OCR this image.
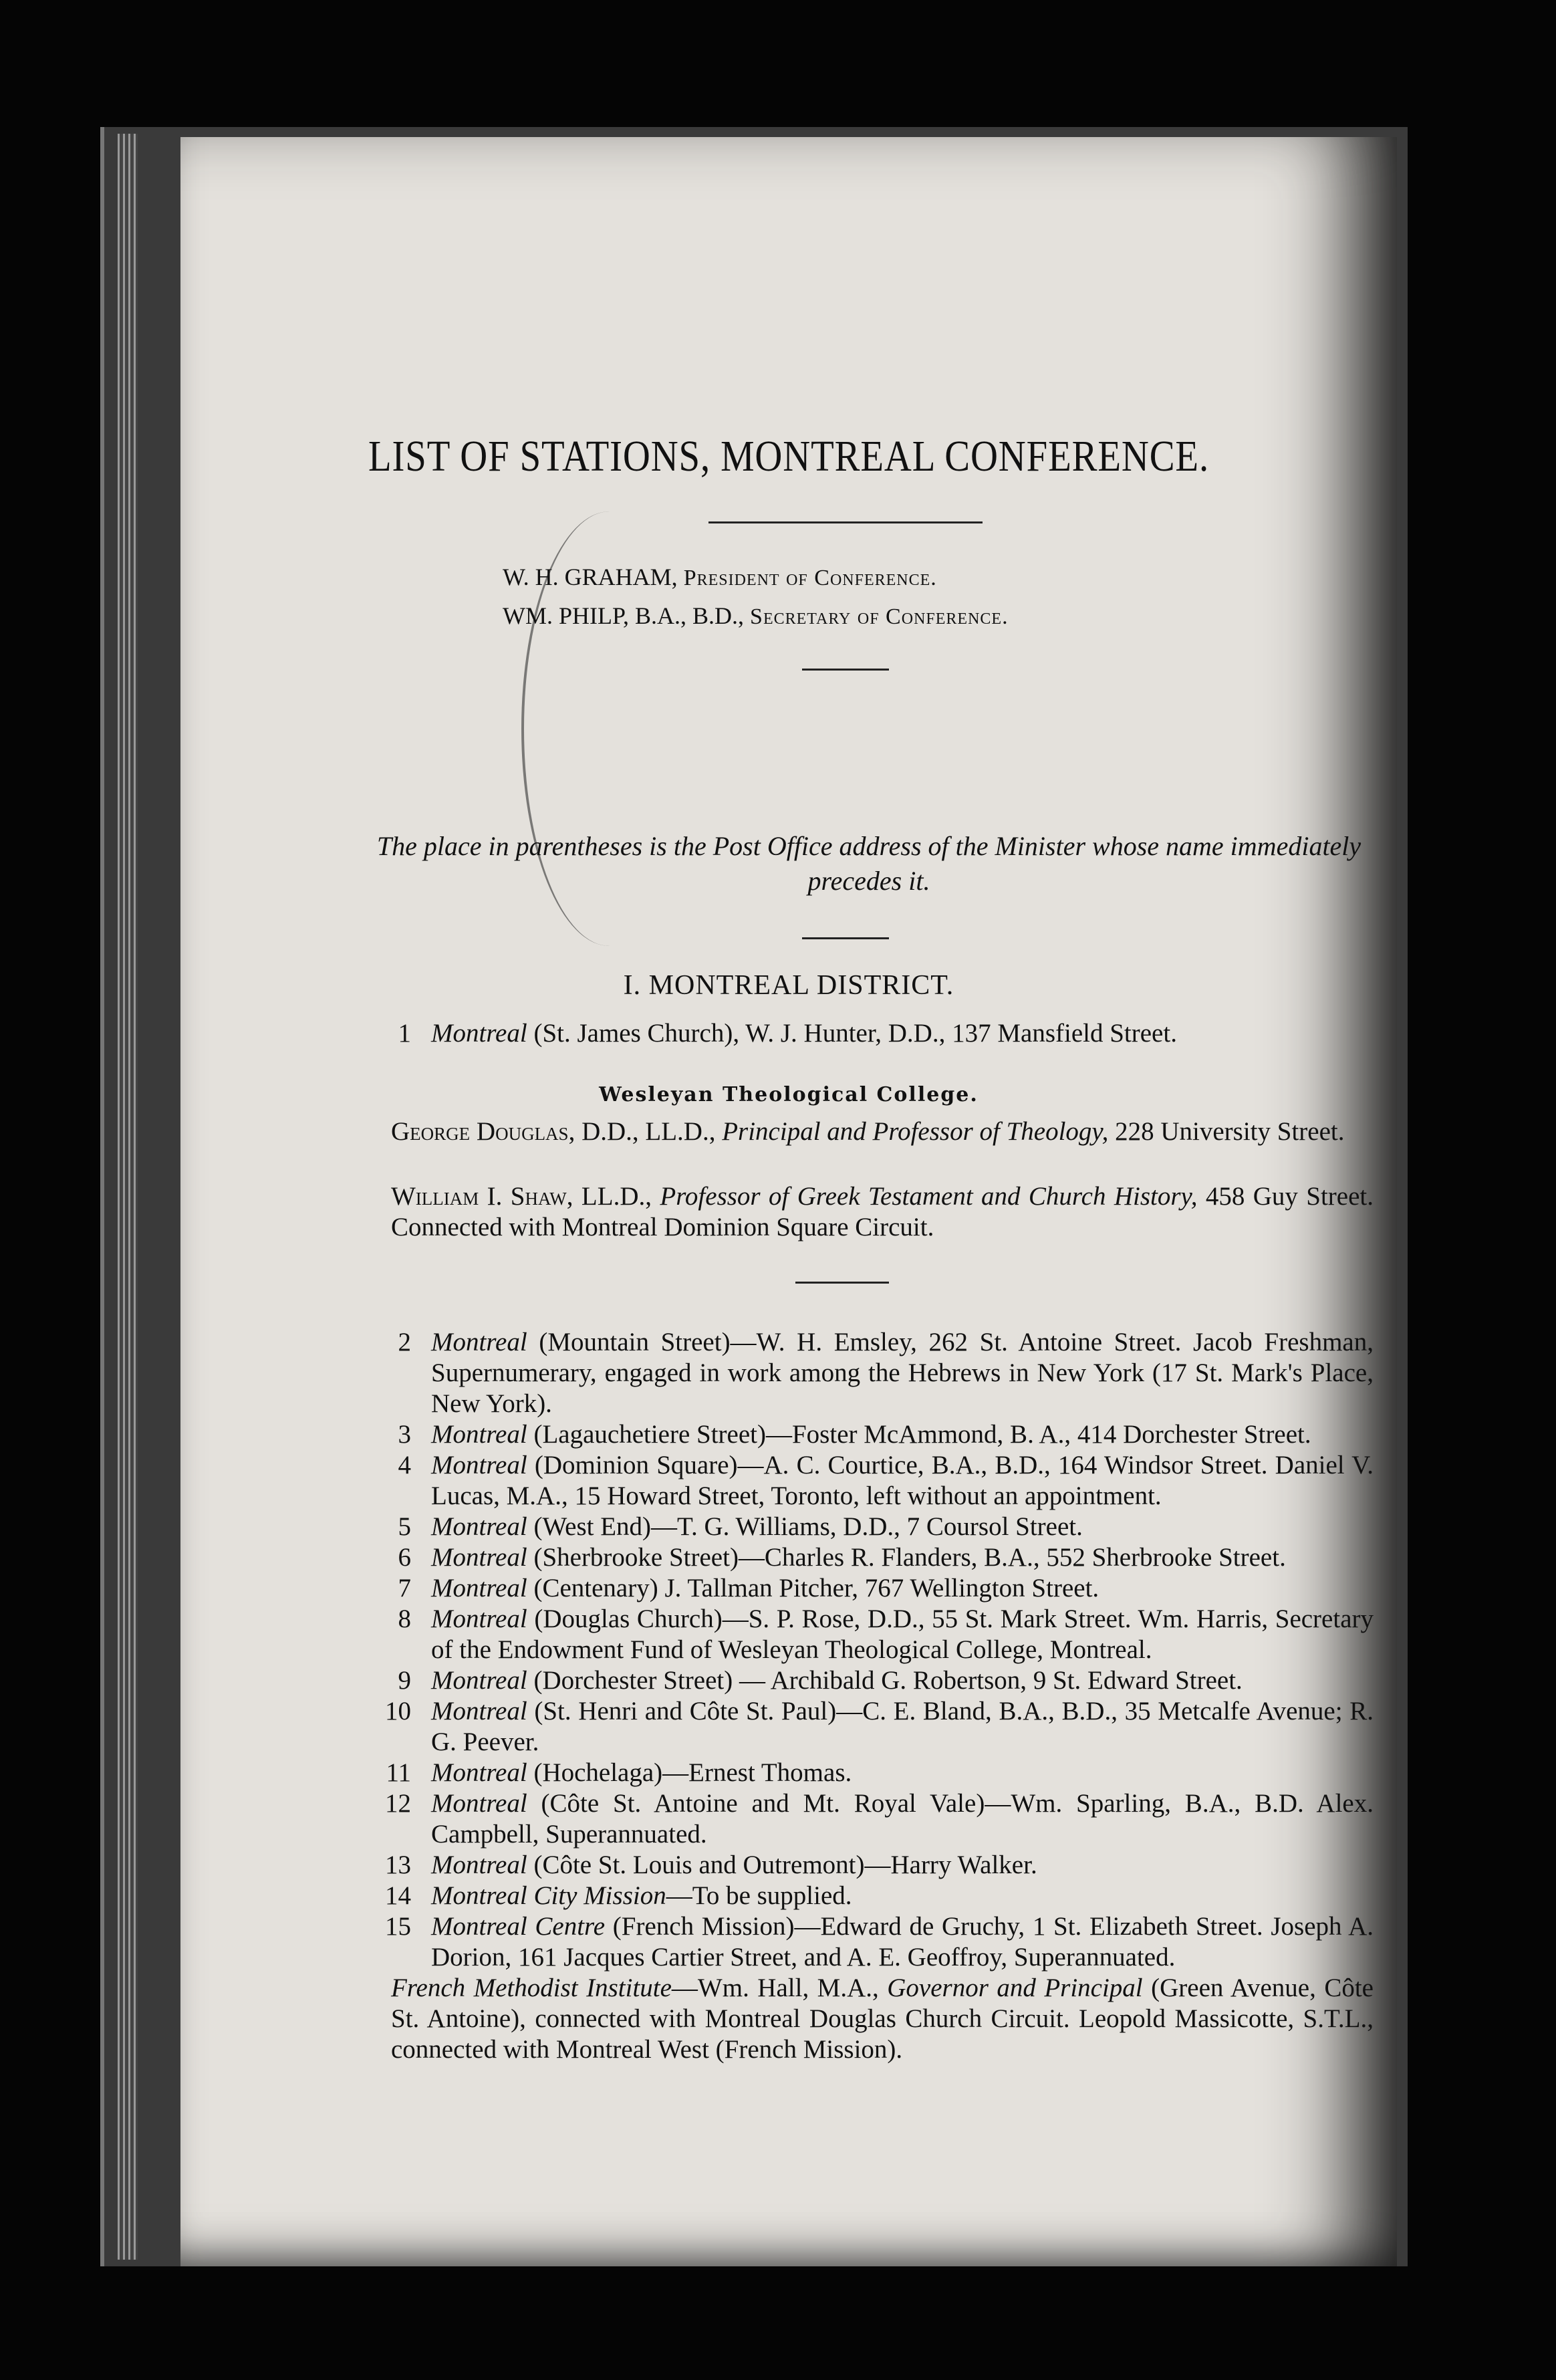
LIST OF STATIONS, MONTREAL CONFERENCE.
W. H. GRAHAM, President of Conference.
WM. PHILP, B.A., B.D., Secretary of Conference.
The place in parentheses is the Post Office address of the Minister whose name immediately precedes it.
I. MONTREAL DISTRICT.
1 Montreal (St. James Church), W. J. Hunter, D.D., 137 Mansfield Street.
Wesleyan Theological College.
George Douglas, D.D., LL.D., Principal and Professor of Theology, 228 University Street.
William I. Shaw, LL.D., Professor of Greek Testament and Church History, 458 Guy Street. Connected with Montreal Dominion Square Circuit.
2 Montreal (Mountain Street)—W. H. Emsley, 262 St. Antoine Street. Jacob Freshman, Supernumerary, engaged in work among the Hebrews in New York (17 St. Mark's Place, New York).
3 Montreal (Lagauchetiere Street)—Foster McAmmond, B. A., 414 Dorchester Street.
4 Montreal (Dominion Square)—A. C. Courtice, B.A., B.D., 164 Windsor Street. Daniel V. Lucas, M.A., 15 Howard Street, Toronto, left without an appointment.
5 Montreal (West End)—T. G. Williams, D.D., 7 Coursol Street.
6 Montreal (Sherbrooke Street)—Charles R. Flanders, B.A., 552 Sherbrooke Street.
7 Montreal (Centenary) J. Tallman Pitcher, 767 Wellington Street.
8 Montreal (Douglas Church)—S. P. Rose, D.D., 55 St. Mark Street. Wm. Harris, Secretary of the Endowment Fund of Wesleyan Theological College, Montreal.
9 Montreal (Dorchester Street) — Archibald G. Robertson, 9 St. Edward Street.
10 Montreal (St. Henri and Côte St. Paul)—C. E. Bland, B.A., B.D., 35 Metcalfe Avenue; R. G. Peever.
11 Montreal (Hochelaga)—Ernest Thomas.
12 Montreal (Côte St. Antoine and Mt. Royal Vale)—Wm. Sparling, B.A., B.D. Alex. Campbell, Superannuated.
13 Montreal (Côte St. Louis and Outremont)—Harry Walker.
14 Montreal City Mission—To be supplied.
15 Montreal Centre (French Mission)—Edward de Gruchy, 1 St. Elizabeth Street. Joseph A. Dorion, 161 Jacques Cartier Street, and A. E. Geoffroy, Superannuated.
French Methodist Institute—Wm. Hall, M.A., Governor and Principal (Green Avenue, Côte St. Antoine), connected with Montreal Douglas Church Circuit. Leopold Massicotte, S.T.L., connected with Montreal West (French Mission).
